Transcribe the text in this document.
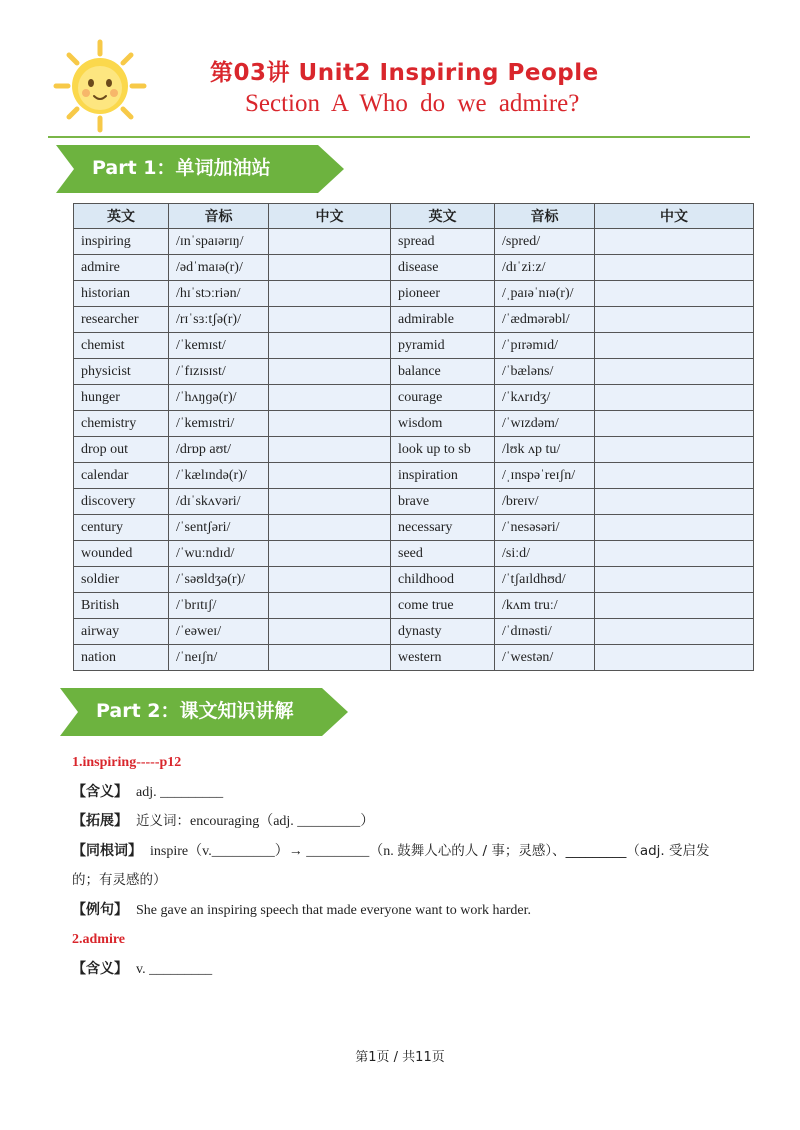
第03讲 Unit2 Inspiring People
Section A Who do we admire?
Part 1：单词加油站
英文	音标	中文	英文	音标	中文
inspiring	/ɪnˈspaɪərɪŋ/		spread	/spred/	
admire	/ədˈmaɪə(r)/		disease	/dɪˈziːz/	
historian	/hɪˈstɔːriən/		pioneer	/ˌpaɪəˈnɪə(r)/	
researcher	/rɪˈsɜːtʃə(r)/		admirable	/ˈædmərəbl/	
chemist	/ˈkemɪst/		pyramid	/ˈpɪrəmɪd/	
physicist	/ˈfɪzɪsɪst/		balance	/ˈbæləns/	
hunger	/ˈhʌŋɡə(r)/		courage	/ˈkʌrɪdʒ/	
chemistry	/ˈkemɪstri/		wisdom	/ˈwɪzdəm/	
drop out	/drɒp aʊt/		look up to sb	/lʊk ʌp tu/	
calendar	/ˈkælɪndə(r)/		inspiration	/ˌɪnspəˈreɪʃn/	
discovery	/dɪˈskʌvəri/		brave	/breɪv/	
century	/ˈsentʃəri/		necessary	/ˈnesəsəri/	
wounded	/ˈwuːndɪd/		seed	/siːd/	
soldier	/ˈsəʊldʒə(r)/		childhood	/ˈtʃaɪldhʊd/	
British	/ˈbrɪtɪʃ/		come true	/kʌm truː/	
airway	/ˈeəweɪ/		dynasty	/ˈdɪnəsti/	
nation	/ˈneɪʃn/		western	/ˈwestən/	
Part 2：课文知识讲解
1.inspiring-----p12
【含义】 adj. _________
【拓展】 近义词：encouraging（adj. _________）
【同根词】 inspire（v._________）→ _________（n. 鼓舞人心的人 / 事；灵感）、_________（adj. 受启发的；有灵感的）
【例句】 She gave an inspiring speech that made everyone want to work harder.
2.admire
【含义】 v. _________
第1页 / 共11页
